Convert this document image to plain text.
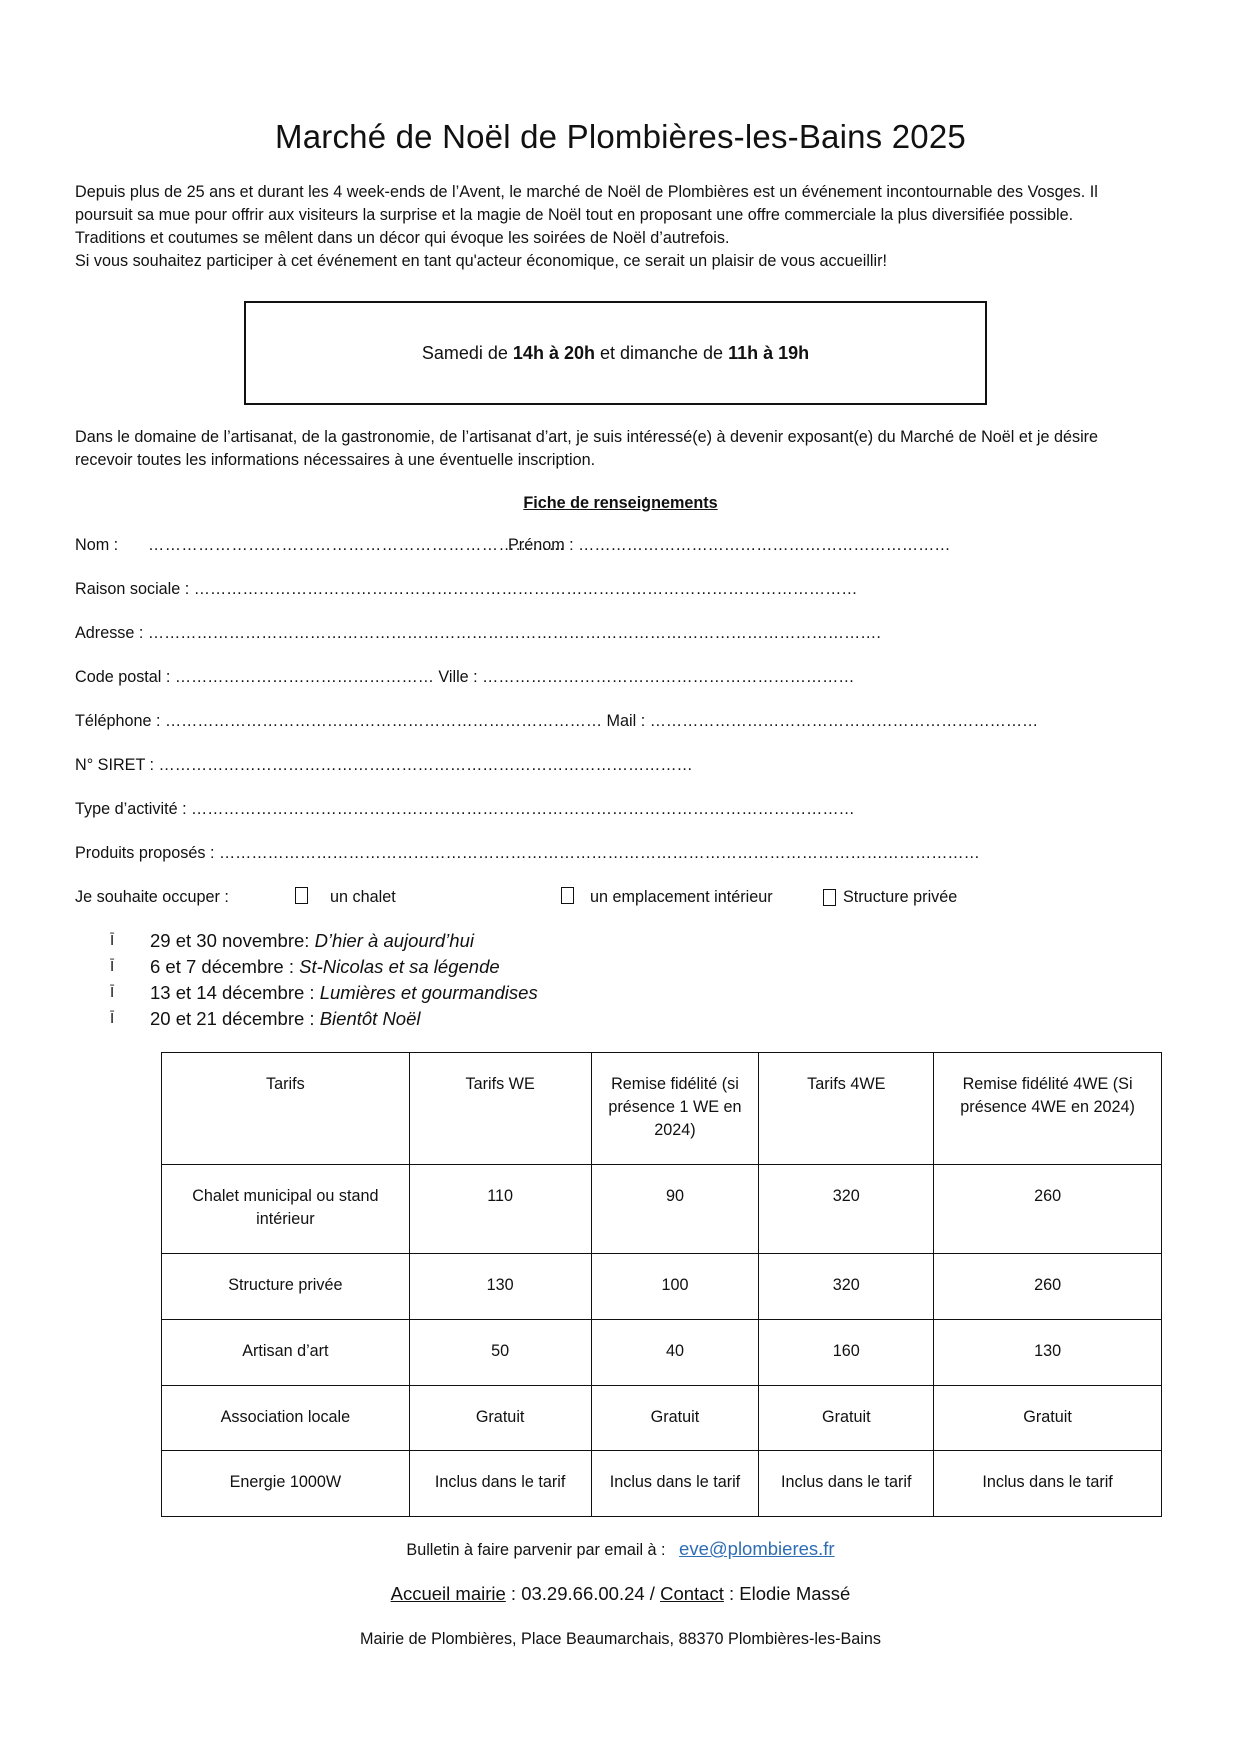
Marché de Noël de Plombières-les-Bains 2025
Depuis plus de 25 ans et durant les 4 week-ends de l’Avent, le marché de Noël de Plombières est un événement incontournable des Vosges. Il
poursuit sa mue pour offrir aux visiteurs la surprise et la magie de Noël tout en proposant une offre commerciale la plus diversifiée possible.
Traditions et coutumes se mêlent dans un décor qui évoque les soirées de Noël d’autrefois.
Si vous souhaitez participer à cet événement en tant qu'acteur économique, ce serait un plaisir de vous accueillir!
Samedi de
14h à 20h
et dimanche de
11h à 19h
Dans le domaine de l’artisanat, de la gastronomie, de l’artisanat d’art, je suis intéressé(e) à devenir exposant(e) du Marché de Noël et je désire
recevoir toutes les informations nécessaires à une éventuelle inscription.
Fiche de renseignements
Nom : …………………………………………………………………
Prénom : ……………………………………………………………
Raison sociale : ……………………………………………………………………………………………………………
Adresse : ……………………………………………………………………………………………………………………….
Code postal : ………………………………………… Ville : ……………………………………………………………
Téléphone : ……………………………………………………………………… Mail : ………………………………………………………………
N° SIRET : ………………………………………………………………………………………
Type d’activité : ……………………………………………………………………………………………………………
Produits proposés : ……………………………………………………………………………………………………………………………
Je souhaite occuper :	un chalet	un emplacement intérieur	Structure privée
Ῑ 29 et 30 novembre: D’hier à aujourd’hui
Ῑ 6 et 7 décembre : St-Nicolas et sa légende
Ῑ 13 et 14 décembre : Lumières et gourmandises
Ῑ 20 et 21 décembre : Bientôt Noël
Tarifs	Tarifs WE	Remise fidélité (si présence 1 WE en 2024)	Tarifs 4WE	Remise fidélité 4WE (Si présence 4WE en 2024)
Chalet municipal ou stand intérieur	110	90	320	260
Structure privée	130	100	320	260
Artisan d’art	50	40	160	130
Association locale	Gratuit	Gratuit	Gratuit	Gratuit
Energie 1000W	Inclus dans le tarif	Inclus dans le tarif	Inclus dans le tarif	Inclus dans le tarif
Bulletin à faire parvenir par email à : eve@plombieres.fr
Accueil mairie : 03.29.66.00.24 / Contact : Elodie Massé
Mairie de Plombières, Place Beaumarchais, 88370 Plombières-les-Bains
